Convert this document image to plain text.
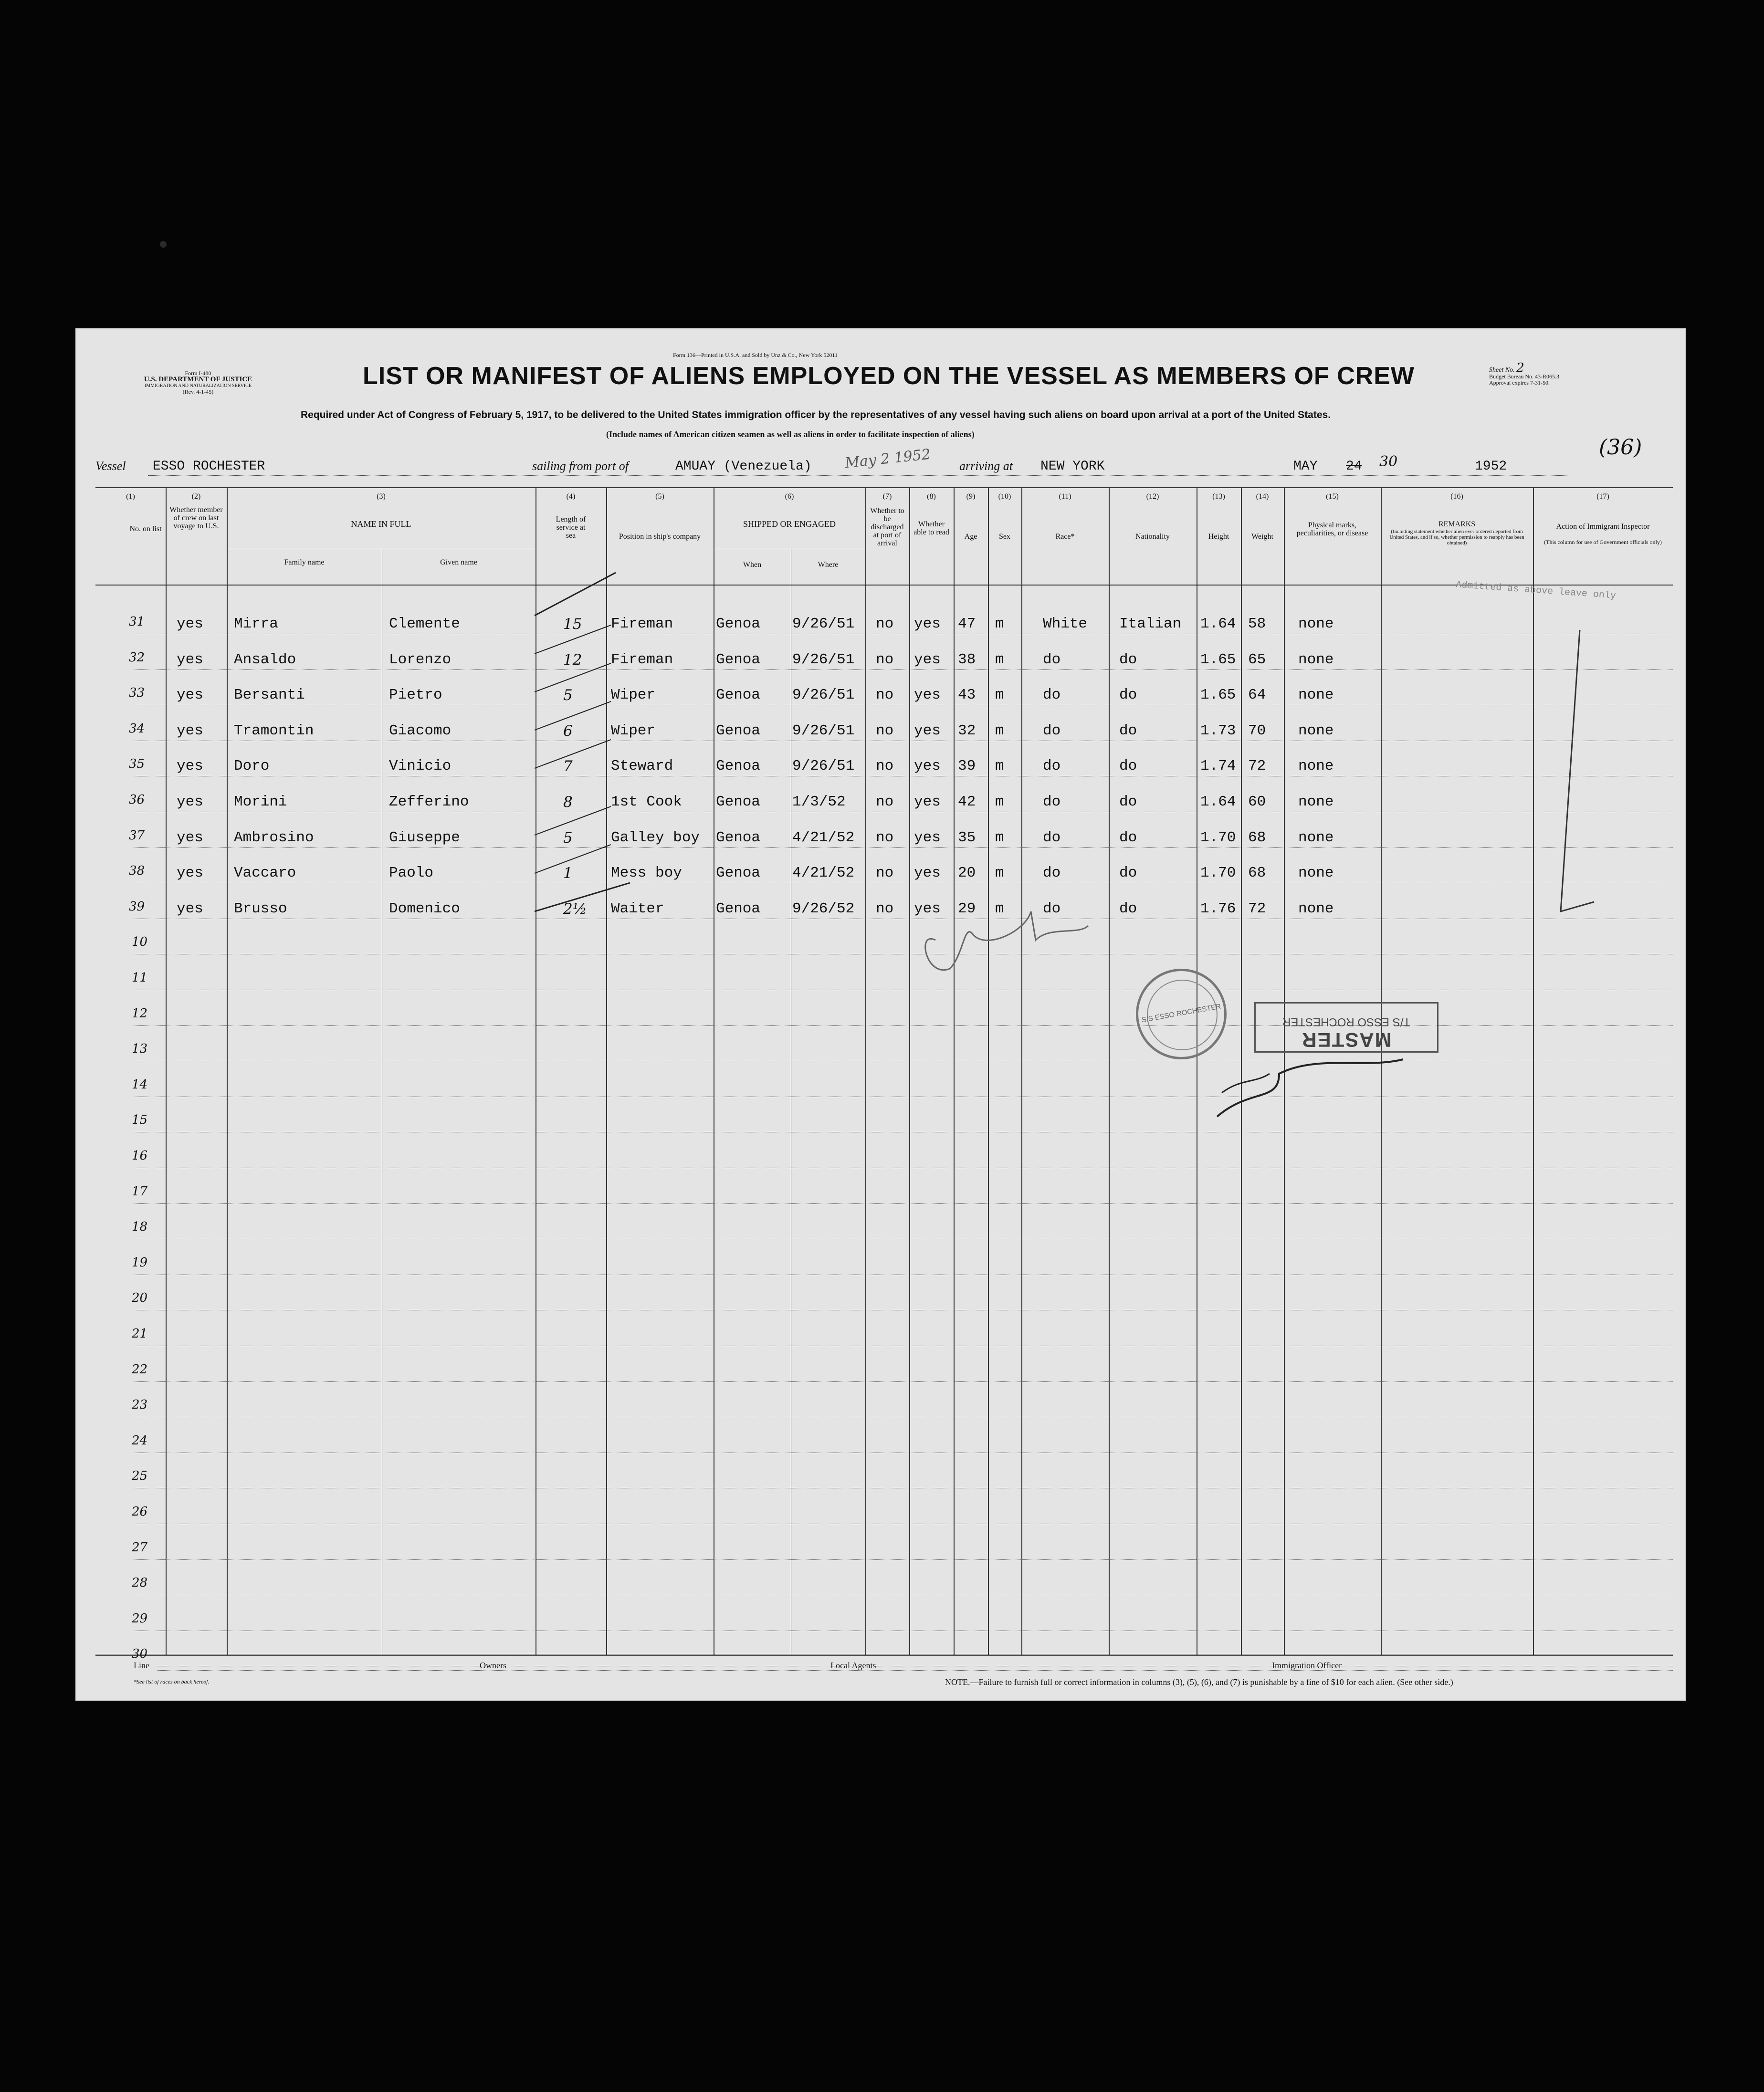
Form I-480
U.S. DEPARTMENT OF JUSTICE
IMMIGRATION AND NATURALIZATION SERVICE
(Rev. 4-1-45)
Form 136—Printed in U.S.A. and Sold by Unz & Co., New York 52011
LIST OR MANIFEST OF ALIENS EMPLOYED ON THE VESSEL AS MEMBERS OF CREW	Sheet No. 2
Budget Bureau No. 43-R065.3.
Approval expires 7-31-50.
Required under Act of Congress of February 5, 1917, to be delivered to the United States immigration officer by the representatives of any vessel having such aliens on board upon arrival at a port of the United States.
(Include names of American citizen seamen as well as aliens in order to facilitate inspection of aliens)
(36)
Vessel ESSO ROCHESTER	sailing from port of	AMUAY (Venezuela) May 2 1952 arriving at NEW YORK	MAY 24 30	1952
(1)
No. on list
(2)
Whether member of crew on last voyage to U.S.
(3)
NAME IN FULL
Family name	Given name
(4)
Length of service at sea
(5)
Position in ship's company
(6)
SHIPPED OR ENGAGED
When	Where
(7)
Whether to be discharged at port of arrival
(8)
Whether able to read
(9)
Age
(10)
Sex
(11)
Race*
(12)
Nationality
(13)
Height
(14)
Weight
(15)
Physical marks, peculiarities, or disease
(16)
REMARKS
(Including statement whether alien ever ordered deported from United States, and if so, whether permission to reapply has been obtained)
(17)
Action of Immigrant Inspector
(This column for use of Government officials only)
10
11
12
13
14
15
16
17
18
19
20
21
22
23
24
25
26
27
28
29
30
31 yes Mirra	Clemente	15 Fireman	Genoa 9/26/51 no yes 47 m	White Italian 1.64 58 none
32 yes Ansaldo	Lorenzo	12 Fireman	Genoa 9/26/51 no yes 38 m	do	do	1.65 65 none
33 yes Bersanti	Pietro	5	Wiper	Genoa 9/26/51 no yes 43 m	do	do	1.65 64 none
34 yes Tramontin	Giacomo	6	Wiper	Genoa 9/26/51 no yes 32 m	do	do	1.73 70 none
35 yes Doro	Vinicio	7	Steward	Genoa 9/26/51 no yes 39 m	do	do	1.74 72 none
36 yes Morini	Zefferino	8	1st Cook Genoa 1/3/52 no yes 42 m	do	do	1.64 60 none
37 yes Ambrosino	Giuseppe	5	Galley boy Genoa 4/21/52 no yes 35 m	do	do	1.70 68 none
38 yes Vaccaro	Paolo	1	Mess boy Genoa 4/21/52 no yes 20 m	do	do	1.70 68 none
39 yes Brusso	Domenico	2½ Waiter	Genoa 9/26/52 no yes 29 m	do	do	1.76 72 none
Admitted as above leave only
S/S ESSO ROCHESTER
MASTER
T/S ESSO ROCHESTER
Line	Owners	Local Agents	Immigration Officer
*See list of races on back hereof.	NOTE.—Failure to furnish full or correct information in columns (3), (5), (6), and (7) is punishable by a fine of $10 for each alien. (See other side.)
